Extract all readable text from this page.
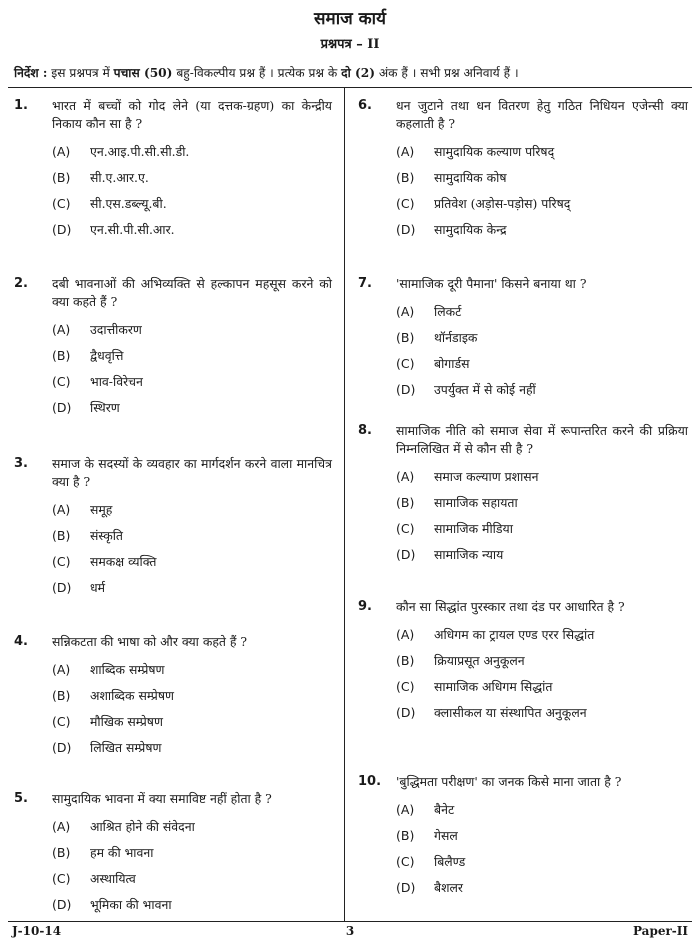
समाज कार्य
प्रश्नपत्र – II
निर्देश : इस प्रश्नपत्र में पचास (50) बहु-विकल्पीय प्रश्न हैं । प्रत्येक प्रश्न के दो (2) अंक हैं । सभी प्रश्न अनिवार्य हैं ।
1. भारत में बच्चों को गोद लेने (या दत्तक-ग्रहण) का केन्द्रीय निकाय कौन सा है ?
(A) एन.आइ.पी.सी.सी.डी.
(B) सी.ए.आर.ए.
(C) सी.एस.डब्ल्यू.बी.
(D) एन.सी.पी.सी.आर.
2. दबी भावनाओं की अभिव्यक्ति से हल्कापन महसूस करने को क्या कहते हैं ?
(A) उदात्तीकरण
(B) द्वैधवृत्ति
(C) भाव-विरेचन
(D) स्थिरण
3. समाज के सदस्यों के व्यवहार का मार्गदर्शन करने वाला मानचित्र क्या है ?
(A) समूह
(B) संस्कृति
(C) समकक्ष व्यक्ति
(D) धर्म
4. सन्निकटता की भाषा को और क्या कहते हैं ?
(A) शाब्दिक सम्प्रेषण
(B) अशाब्दिक सम्प्रेषण
(C) मौखिक सम्प्रेषण
(D) लिखित सम्प्रेषण
5. सामुदायिक भावना में क्या समाविष्ट नहीं होता है ?
(A) आश्रित होने की संवेदना
(B) हम की भावना
(C) अस्थायित्व
(D) भूमिका की भावना
6. धन जुटाने तथा धन वितरण हेतु गठित निधियन एजेन्सी क्या कहलाती है ?
(A) सामुदायिक कल्याण परिषद्
(B) सामुदायिक कोष
(C) प्रतिवेश (अड़ोस-पड़ोस) परिषद्
(D) सामुदायिक केन्द्र
7. 'सामाजिक दूरी पैमाना' किसने बनाया था ?
(A) लिकर्ट
(B) थॉर्नडाइक
(C) बोगार्डस
(D) उपर्युक्त में से कोई नहीं
8. सामाजिक नीति को समाज सेवा में रूपान्तरित करने की प्रक्रिया निम्नलिखित में से कौन सी है ?
(A) समाज कल्याण प्रशासन
(B) सामाजिक सहायता
(C) सामाजिक मीडिया
(D) सामाजिक न्याय
9. कौन सा सिद्धांत पुरस्कार तथा दंड पर आधारित है ?
(A) अधिगम का ट्रायल एण्ड एरर सिद्धांत
(B) क्रियाप्रसूत अनुकूलन
(C) सामाजिक अधिगम सिद्धांत
(D) क्लासीकल या संस्थापित अनुकूलन
10. 'बुद्धिमता परीक्षण' का जनक किसे माना जाता है ?
(A) बैनेट
(B) गेसल
(C) बिलैण्ड
(D) बैशलर
J-10-14	3	Paper-II
